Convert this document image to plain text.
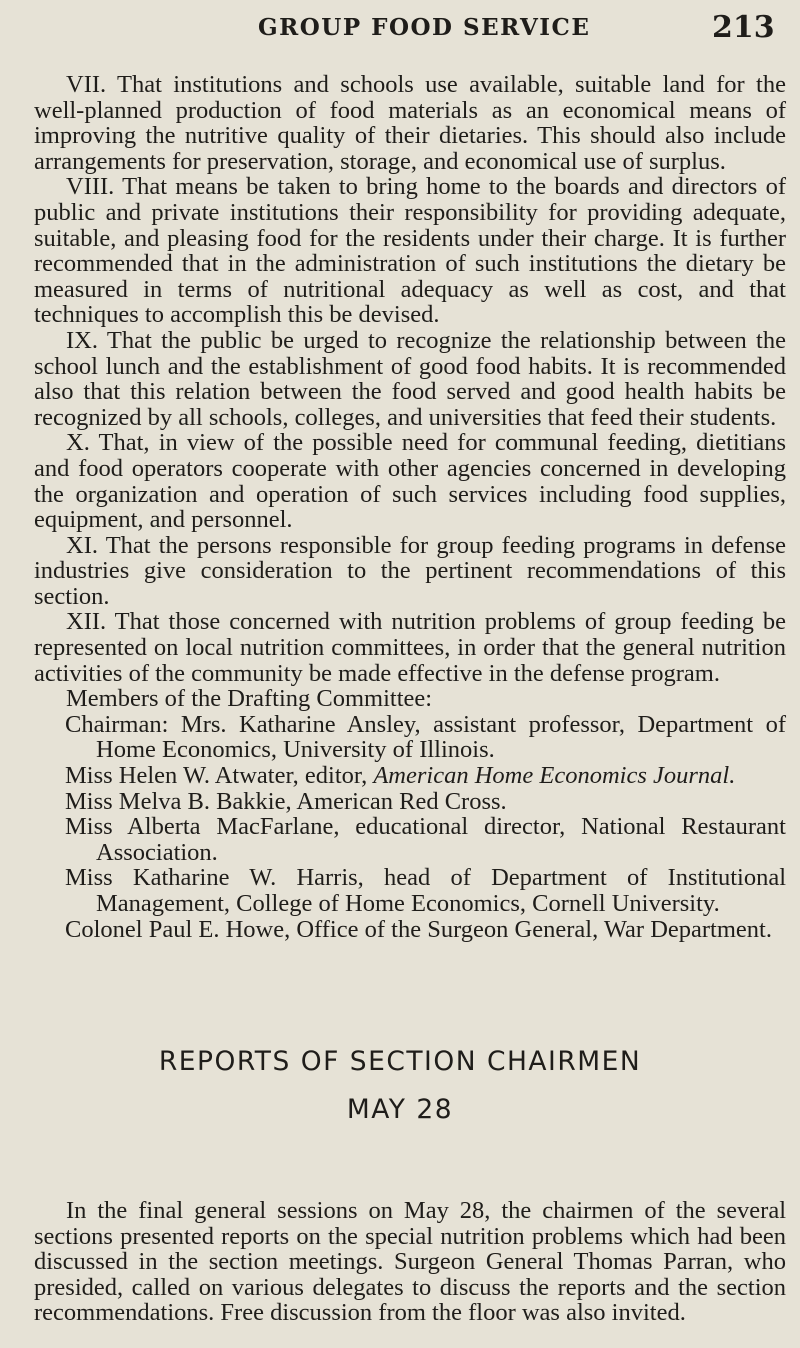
GROUP FOOD SERVICE	213

VII. That institutions and schools use available, suitable land for the well-planned production of food materials as an economical means of improving the nutritive quality of their dietaries. This should also include arrangements for preservation, storage, and economical use of surplus.

VIII. That means be taken to bring home to the boards and directors of public and private institutions their responsibility for providing adequate, suitable, and pleasing food for the residents under their charge. It is further recommended that in the administration of such institutions the dietary be measured in terms of nutritional adequacy as well as cost, and that techniques to accomplish this be devised.

IX. That the public be urged to recognize the relationship between the school lunch and the establishment of good food habits. It is recommended also that this relation between the food served and good health habits be recognized by all schools, colleges, and universities that feed their students.

X. That, in view of the possible need for communal feeding, dietitians and food operators cooperate with other agencies concerned in developing the organization and operation of such services including food supplies, equipment, and personnel.

XI. That the persons responsible for group feeding programs in defense industries give consideration to the pertinent recommendations of this section.

XII. That those concerned with nutrition problems of group feeding be represented on local nutrition committees, in order that the general nutrition activities of the community be made effective in the defense program.

Members of the Drafting Committee:

Chairman: Mrs. Katharine Ansley, assistant professor, Department of Home Economics, University of Illinois.

Miss Helen W. Atwater, editor, American Home Economics Journal.

Miss Melva B. Bakkie, American Red Cross.

Miss Alberta MacFarlane, educational director, National Restaurant Association.

Miss Katharine W. Harris, head of Department of Institutional Management, College of Home Economics, Cornell University.

Colonel Paul E. Howe, Office of the Surgeon General, War Department.

REPORTS OF SECTION CHAIRMEN
MAY 28

In the final general sessions on May 28, the chairmen of the several sections presented reports on the special nutrition problems which had been discussed in the section meetings. Surgeon General Thomas Parran, who presided, called on various delegates to discuss the reports and the section recommendations. Free discussion from the floor was also invited.
